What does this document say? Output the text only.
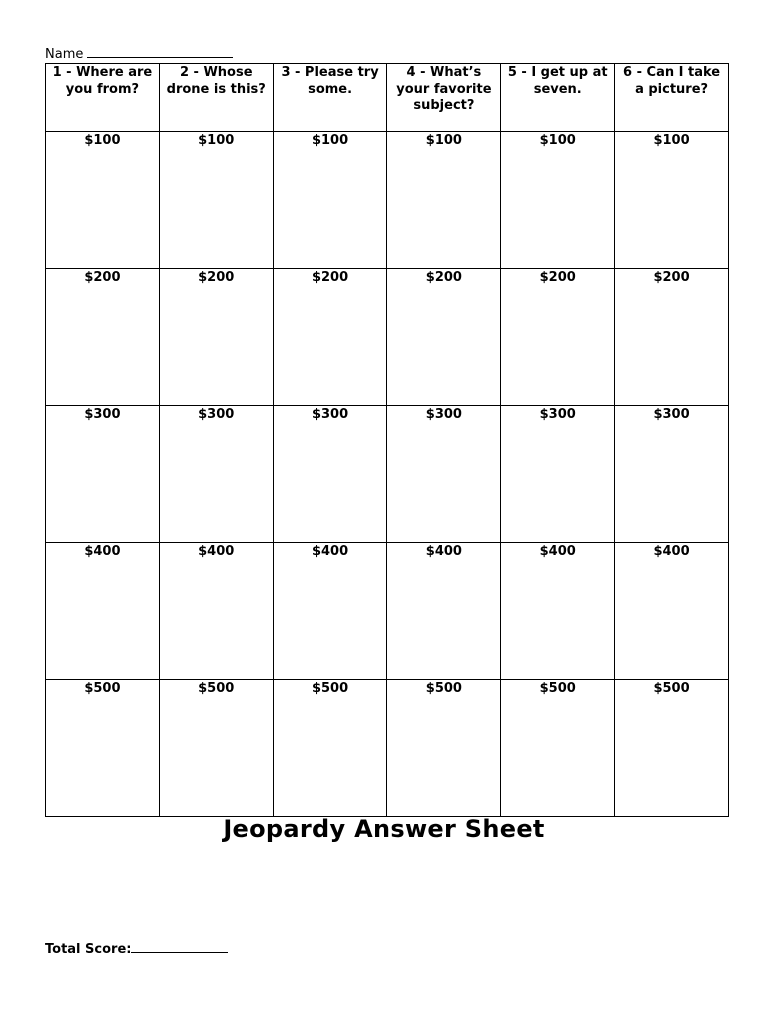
Name
1 - Where are you from?	2 - Whose drone is this?	3 - Please try some.	4 - What’s your favorite subject?	5 - I get up at seven.	6 - Can I take a picture?

$100	$100	$100	$100	$100	$100

$200	$200	$200	$200	$200	$200

$300	$300	$300	$300	$300	$300

$400	$400	$400	$400	$400	$400

$500	$500	$500	$500	$500	$500
Jeopardy Answer Sheet
Total Score:
